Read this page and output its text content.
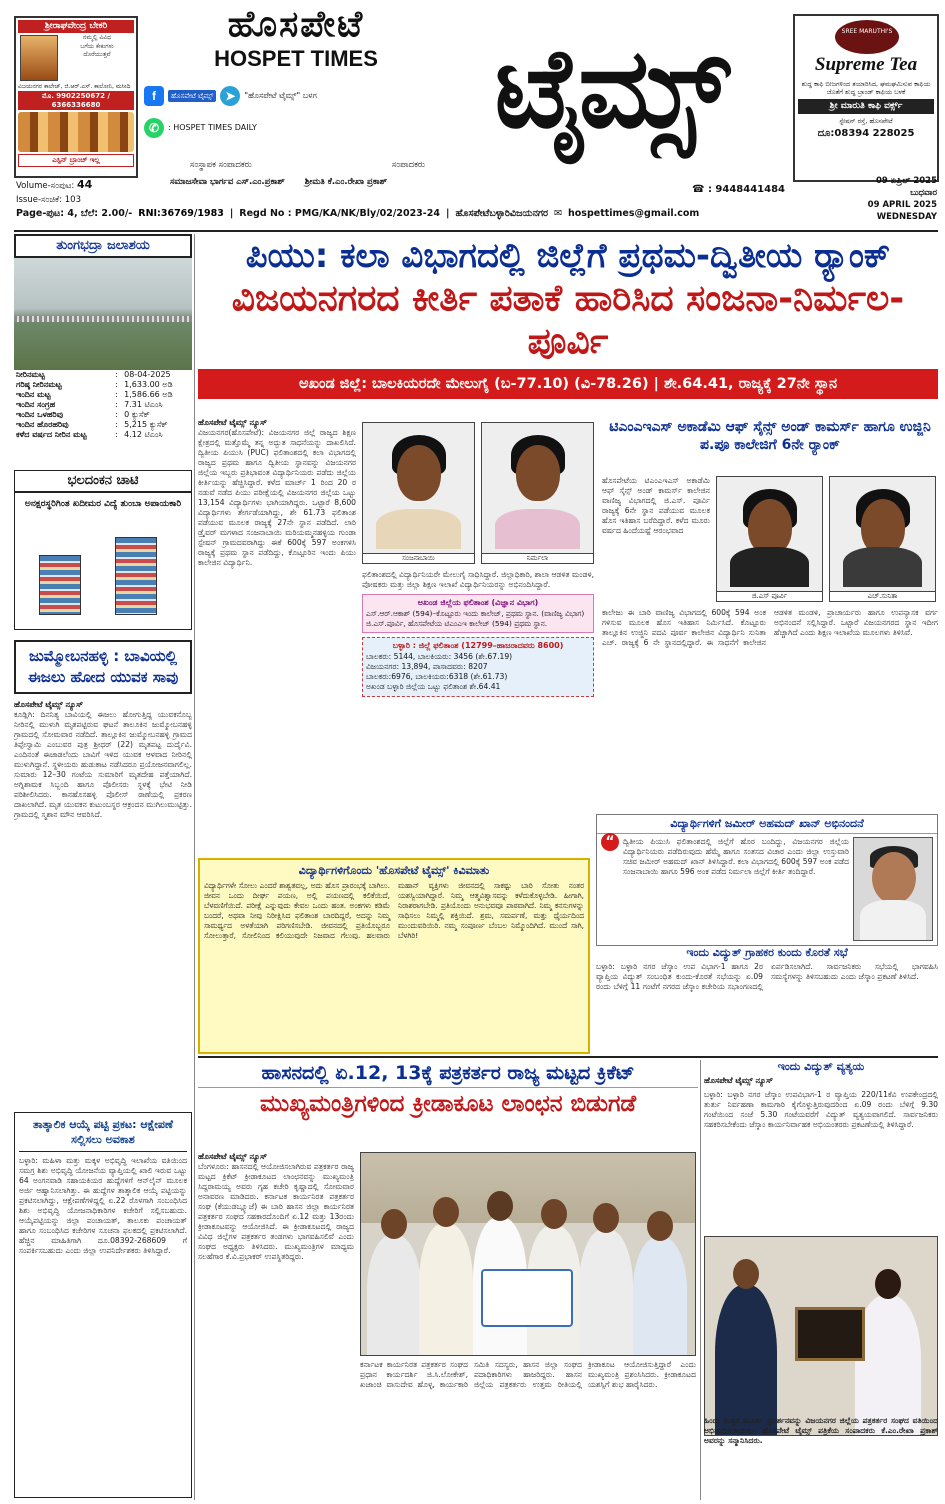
ಶ್ರೀರಾಘವೇಂದ್ರ ಬೇಕರಿ
ನಮ್ಮಲ್ಲಿ ವಿವಿಧ
ಬಗೆಯ ಕೇಕುಗಳು
ದೊರೆಯುತ್ತವೆ
ವಿಜಯನಗರ ಕಾಲೇಜ್, ಜಿ.ಆರ್.ಎಸ್. ಕಾಲೋನಿ, ಮಸೀದಿ
ಮೊ. 9902250672 / 6366336680
ಎಸ್ಪಿನ್ ಬ್ರಾಂಚ್ ಇಲ್ಲ
ಹೊಸಪೇಟೆ
HOSPET TIMES	ಟೈಮ್ಸ್
f	ಹೊಸಪೇಟೆ ಟೈಮ್ಸ್ ➤	"ಹೊಸಪೇಟೆ ಟೈಮ್ಸ್" ಬಳಗ
✆	: HOSPET TIMES DAILY
SREE MARUTHI'S
Supreme Tea
ಶುದ್ಧ ಕಾಫಿ ಬೀಜಗಳಿಂದ ತಯಾರಿಸಿದ, ಘಮಘಮಿಸುವ ಕಾಫಿಯ ಜೊತೆಗೆ ಶುದ್ಧ ಬ್ರಾಂಡ್ ಕಾಫಿಯ ಬಳಕೆ
ಶ್ರೀ ಮಾರುತಿ ಕಾಫಿ ವರ್ಕ್ಸ್
ಸ್ಟೇಷನ್ ರಸ್ತೆ, ಹೊಸಪೇಟೆ
ದೂ:08394 228025
ಸಂಸ್ಥಾಪಕ ಸಂಪಾದಕರು	ಸಂಪಾದಕರು
ಸಮಾಜಸೇವಾ ಭಾರ್ಗವ ಎಸ್.ಎಂ.ಪ್ರಕಾಶ್ ಶ್ರೀಮತಿ ಕೆ.ಎಂ.ರೇಖಾ ಪ್ರಕಾಶ್
Volume-ಸಂಪುಟ: 44
Issue-ಸಂಚಿಕೆ: 103
☎ : 9448441484
09 ಏಪ್ರಿಲ್ 2025
ಬುಧವಾರ
09 APRIL 2025
WEDNESDAY
Page-ಪುಟ: 4, ಬೆಲೆ: 2.00/- RNI:36769/1983 | Regd No : PMG/KA/NK/Bly/02/2023-24 | ಹೊಸಪೇಟೆಬಳ್ಳಾರಿವಿಜಯನಗರ ✉ hospettimes@gmail.com
ತುಂಗಭದ್ರಾ ಜಲಾಶಯ
ನೀರಿನಮಟ್ಟ	:	08-04-2025
ಗರಿಷ್ಠ ನೀರಿನಮಟ್ಟ	:	1,633.00 ಅಡಿ
ಇಂದಿನ ಮಟ್ಟ	:	1,586.66 ಅಡಿ
ಇಂದಿನ ಸಂಗ್ರಹ	:	7.31 ಟಿಎಂಸಿ
ಇಂದಿನ ಒಳಹರಿವು	:	0 ಕ್ಯುಸೆಕ್
ಇಂದಿನ ಹೊರಹರಿವು	:	5,215 ಕ್ಯುಸೆಕ್
ಕಳೆದ ವರ್ಷದ ನೀರಿನ ಮಟ್ಟ	:	4.12 ಟಿಎಂಸಿ
ಭಲದಂಕನ ಚಾಟಿ
ಅನಕ್ಷರಸ್ಥರಿಗಿಂತ ಖದೀಮರ ವಿದ್ಯೆ ತುಂಬಾ ಅಪಾಯಕಾರಿ
ಜುಮ್ಮೋಬನಹಳ್ಳಿ : ಬಾವಿಯಲ್ಲಿ ಈಜಲು ಹೋದ ಯುವಕ ಸಾವು
ಹೊಸಪೇಟೆ ಟೈಮ್ಸ್ ನ್ಯೂಸ್
ಕೂಡ್ಲಿಗಿ: ದಿನನಿತ್ಯ ಬಾವಿಯಲ್ಲಿ ಈಜಲು ಹೋಗುತ್ತಿದ್ದ ಯುವಕನೊಬ್ಬ ನೀರಿನಲ್ಲಿ ಮುಳುಗಿ ಮೃತಪಟ್ಟಿರುವ ಘಟನೆ ತಾಲೂಕಿನ ಜುಮ್ಮೋಬನಹಳ್ಳಿ ಗ್ರಾಮದಲ್ಲಿ ಸೋಮವಾರ ನಡೆದಿದೆ. ತಾಲ್ಲೂಕಿನ ಜುಮ್ಮೋಬನಹಳ್ಳಿ ಗ್ರಾಮದ ತಿಪ್ಪೇಸ್ವಾಮಿ ಎಂಬುವರ ಪುತ್ರ ಶ್ರೀಧರ್ (22) ಮೃತಪಟ್ಟ ದುರ್ದೈವಿ. ಎಂದಿನಂತೆ ಈಜಾಡಲೆಂದು ಬಾವಿಗೆ ಇಳಿದ ಯುವಕ ಆಳವಾದ ನೀರಿನಲ್ಲಿ ಮುಳುಗಿದ್ದಾನೆ. ಸ್ಥಳೀಯರು ಹುಡುಕಾಟ ನಡೆಸಿದರೂ ಪ್ರಯೋಜನವಾಗಲಿಲ್ಲ. ಸುಮಾರು 12–30 ಗಂಟೆಯ ಸುಮಾರಿಗೆ ಮೃತದೇಹ ಪತ್ತೆಯಾಗಿದೆ. ಅಗ್ನಿಶಾಮಕ ಸಿಬ್ಬಂದಿ ಹಾಗೂ ಪೊಲೀಸರು ಸ್ಥಳಕ್ಕೆ ಭೇಟಿ ನೀಡಿ ಪರಿಶೀಲಿಸಿದರು. ಕಾನಹೊಸಹಳ್ಳಿ ಪೊಲೀಸ್ ಠಾಣೆಯಲ್ಲಿ ಪ್ರಕರಣ ದಾಖಲಾಗಿದೆ. ಮೃತ ಯುವಕನ ಕುಟುಂಬಸ್ಥರ ಆಕ್ರಂದನ ಮುಗಿಲುಮುಟ್ಟಿತ್ತು. ಗ್ರಾಮದಲ್ಲಿ ಸ್ಮಶಾನ ಮೌನ ಆವರಿಸಿದೆ.
ತಾತ್ಕಾಲಿಕ ಆಯ್ಕೆ ಪಟ್ಟಿ ಪ್ರಕಟ: ಆಕ್ಷೇಪಣೆ ಸಲ್ಲಿಸಲು ಅವಕಾಶ
ಬಳ್ಳಾರಿ: ಮಹಿಳಾ ಮತ್ತು ಮಕ್ಕಳ ಅಭಿವೃದ್ಧಿ ಇಲಾಖೆಯ ವತಿಯಿಂದ ಸಮಗ್ರ ಶಿಶು ಅಭಿವೃದ್ಧಿ ಯೋಜನೆಯ ವ್ಯಾಪ್ತಿಯಲ್ಲಿ ಖಾಲಿ ಇರುವ ಒಟ್ಟು 64 ಅಂಗನವಾಡಿ ಸಹಾಯಕಿಯರ ಹುದ್ದೆಗಳಿಗೆ ಆನ್‌ಲೈನ್ ಮೂಲಕ ಅರ್ಜಿ ಆಹ್ವಾನಿಸಲಾಗಿತ್ತು. ಈ ಹುದ್ದೆಗಳ ತಾತ್ಕಾಲಿಕ ಆಯ್ಕೆ ಪಟ್ಟಿಯನ್ನು ಪ್ರಕಟಿಸಲಾಗಿದ್ದು, ಆಕ್ಷೇಪಣೆಗಳಿದ್ದಲ್ಲಿ ಏ.22 ರೊಳಗಾಗಿ ಸಂಬಂಧಿಸಿದ ಶಿಶು ಅಭಿವೃದ್ಧಿ ಯೋಜನಾಧಿಕಾರಿಗಳ ಕಚೇರಿಗೆ ಸಲ್ಲಿಸಬಹುದು. ಆಯ್ಕೆಪಟ್ಟಿಯನ್ನು ಜಿಲ್ಲಾ ಪಂಚಾಯತ್, ತಾಲೂಕು ಪಂಚಾಯತ್ ಹಾಗೂ ಸಂಬಂಧಿಸಿದ ಕಚೇರಿಗಳ ಸೂಚನಾ ಫಲಕದಲ್ಲಿ ಪ್ರಕಟಿಸಲಾಗಿದೆ. ಹೆಚ್ಚಿನ ಮಾಹಿತಿಗಾಗಿ ದೂ.08392-268609 ಗೆ ಸಂಪರ್ಕಿಸಬಹುದು ಎಂದು ಜಿಲ್ಲಾ ಉಪನಿರ್ದೇಶಕರು ತಿಳಿಸಿದ್ದಾರೆ.
ಪಿಯು: ಕಲಾ ವಿಭಾಗದಲ್ಲಿ ಜಿಲ್ಲೆಗೆ ಪ್ರಥಮ-ದ್ವಿತೀಯ ರ್‍ಯಾಂಕ್
ವಿಜಯನಗರದ ಕೀರ್ತಿ ಪತಾಕೆ ಹಾರಿಸಿದ ಸಂಜನಾ-ನಿರ್ಮಲ-ಪೂರ್ವಿ
ಅಖಂಡ ಜಿಲ್ಲೆ: ಬಾಲಕಿಯರದೇ ಮೇಲುಗೈ (ಬ-77.10) (ವಿ-78.26) | ಶೇ.64.41, ರಾಜ್ಯಕ್ಕೆ 27ನೇ ಸ್ಥಾನ
ಹೊಸಪೇಟೆ ಟೈಮ್ಸ್ ನ್ಯೂಸ್
ವಿಜಯನಗರ(ಹೊಸಪೇಟೆ): ವಿಜಯನಗರ ಜಿಲ್ಲೆ ರಾಜ್ಯದ ಶಿಕ್ಷಣ ಕ್ಷೇತ್ರದಲ್ಲಿ ಮತ್ತೊಮ್ಮೆ ತನ್ನ ಅದ್ಭುತ ಸಾಧನೆಯನ್ನು ದಾಖಲಿಸಿದೆ. ದ್ವಿತೀಯ ಪಿಯುಸಿ (PUC) ಫಲಿತಾಂಶದಲ್ಲಿ ಕಲಾ ವಿಭಾಗದಲ್ಲಿ ರಾಜ್ಯದ ಪ್ರಥಮ ಹಾಗೂ ದ್ವಿತೀಯ ಸ್ಥಾನವನ್ನು ವಿಜಯನಗರ ಜಿಲ್ಲೆಯ ಇಬ್ಬರು ಪ್ರತಿಭಾವಂತ ವಿದ್ಯಾರ್ಥಿನಿಯರು ಪಡೆದು ಜಿಲ್ಲೆಯ ಕೀರ್ತಿಯನ್ನು ಹೆಚ್ಚಿಸಿದ್ದಾರೆ. ಕಳೆದ ಮಾರ್ಚ್ 1 ರಿಂದ 20 ರ ನಡುವೆ ನಡೆದ ಪಿಯು ಪರೀಕ್ಷೆಯಲ್ಲಿ ವಿಜಯನಗರ ಜಿಲ್ಲೆಯ ಒಟ್ಟು 13,154 ವಿದ್ಯಾರ್ಥಿಗಳು ಭಾಗಿಯಾಗಿದ್ದರು. ಒಟ್ಟಾರೆ 8,600 ವಿದ್ಯಾರ್ಥಿಗಳು ತೇರ್ಗಡೆಯಾಗಿದ್ದು, ಶೇ 61.73 ಫಲಿತಾಂಶ ಪಡೆಯುವ ಮೂಲಕ ರಾಜ್ಯಕ್ಕೆ 27ನೇ ಸ್ಥಾನ ಪಡೆದಿದೆ. ಲಾರಿ ಡ್ರೈವರ್ ಮಗಳಾದ ಸಂಜನಾಬಾಯಿ ಮರಿಯಮ್ಮನಹಳ್ಳಿಯ ಗುಂಡಾ ಸ್ಟೇಷನ್ ಗ್ರಾಮದವರಾಗಿದ್ದು ಈಕೆ 600ಕ್ಕೆ 597 ಅಂಕಗಳಿಸಿ ರಾಜ್ಯಕ್ಕೆ ಪ್ರಥಮ ಸ್ಥಾನ ಪಡೆದಿದ್ದು, ಕೊಟ್ಟೂರಿನ ಇಂದು ಪಿಯು ಕಾಲೇಜಿನ ವಿದ್ಯಾರ್ಥಿನಿ.	ಸಂಜನಾಬಾಯಿ	ನಿರ್ಮಲಾ
ಫಲಿತಾಂಶದಲ್ಲಿ ವಿದ್ಯಾರ್ಥಿನಿಯರೇ ಮೇಲುಗೈ ಸಾಧಿಸಿದ್ದಾರೆ. ಜಿಲ್ಲಾಧಿಕಾರಿ, ಶಾಲಾ ಆಡಳಿತ ಮಂಡಳಿ, ಪೋಷಕರು ಮತ್ತು ಜಿಲ್ಲಾ ಶಿಕ್ಷಣ ಇಲಾಖೆ ವಿದ್ಯಾರ್ಥಿನಿಯರನ್ನು ಅಭಿನಂದಿಸಿದ್ದಾರೆ.
ಅಖಂಡ ಜಿಲ್ಲೆಯ ಫಲಿತಾಂಶ (ವಿಜ್ಞಾನ ವಿಭಾಗ)
ಎಸ್.ಆರ್.ಆಕಾಶ್ (594)–ಕೊಟ್ಟೂರು ಇಂದು ಕಾಲೇಜ್, ಪ್ರಥಮ ಸ್ಥಾನ. (ವಾಣಿಜ್ಯ ವಿಭಾಗ) ಜಿ.ಎಸ್.ಪೂರ್ವಿ, ಹೊಸಪೇಟೆಯ ಟಿಎಂಎಇ ಕಾಲೇಜ್ (594) ಪ್ರಥಮ ಸ್ಥಾನ.
ಬಳ್ಳಾರಿ : ಜಿಲ್ಲೆ ಫಲಿತಾಂಶ (12799–ಹಾಜರಾದವರು 8600)
ಬಾಲಕರು: 5144, ಬಾಲಕಿಯರು: 3456 (ಶೇ.67.19)
ವಿಜಯನಗರ: 13,894, ಪಾಸಾದವರು: 8207
ಬಾಲಕರು:6976, ಬಾಲಕಿಯರು:6318 (ಶೇ.61.73)
ಅಖಂಡ ಬಳ್ಳಾರಿ ಜಿಲ್ಲೆಯ ಒಟ್ಟು ಫಲಿತಾಂಶ ಶೇ.64.41
ಟಿಎಂಎಇಎಸ್ ಅಕಾಡೆಮಿ ಆಫ್ ಸೈನ್ಸ್ ಅಂಡ್ ಕಾಮರ್ಸ್ ಹಾಗೂ ಉಜ್ಜಿನಿ ಪ.ಪೂ ಕಾಲೇಜಿಗೆ 6ನೇ ರ್‍ಯಾಂಕ್
ಹೊಸಪೇಟೆಯ ಟಿಎಂಎಇಎಸ್ ಅಕಾಡೆಮಿ ಆಫ್ ಸೈನ್ಸ್ ಅಂಡ್ ಕಾಮರ್ಸ್ ಕಾಲೇಜಿನ ವಾಣಿಜ್ಯ ವಿಭಾಗದಲ್ಲಿ ಜಿ.ಎಸ್. ಪೂರ್ವಿ ರಾಜ್ಯಕ್ಕೆ 6ನೇ ಸ್ಥಾನ ಪಡೆಯುವ ಮೂಲಕ ಹೊಸ ಇತಿಹಾಸ ಬರೆದಿದ್ದಾರೆ. ಕಳೆದ ಮೂರು ವರ್ಷದ ಹಿಂದೆಯಷ್ಟೆ ಆರಂಭವಾದ
ಜಿ.ಎಸ್ ಪೂರ್ವಿ	ಎಚ್.ಸುನಿತಾ
ಕಾಲೇಜು ಈ ಬಾರಿ ವಾಣಿಜ್ಯ ವಿಭಾಗದಲ್ಲಿ 600ಕ್ಕೆ 594 ಅಂಕ ಗಳಿಸುವ ಮೂಲಕ ಹೊಸ ಇತಿಹಾಸ ನಿರ್ಮಿಸಿದೆ. ಕೊಟ್ಟೂರು ತಾಲ್ಲೂಕಿನ ಉಜ್ಜಿನಿ ಪದವಿ ಪೂರ್ವ ಕಾಲೇಜಿನ ವಿದ್ಯಾರ್ಥಿನಿ ಸುನಿತಾ ಎಚ್. ರಾಜ್ಯಕ್ಕೆ 6 ನೇ ಸ್ಥಾನದಲ್ಲಿದ್ದಾರೆ. ಈ ಸಾಧನೆಗೆ ಕಾಲೇಜಿನ ಆಡಳಿತ ಮಂಡಳಿ, ಪ್ರಾಚಾರ್ಯರು ಹಾಗೂ ಉಪನ್ಯಾಸಕ ವರ್ಗ ಅಭಿನಂದನೆ ಸಲ್ಲಿಸಿದ್ದಾರೆ. ಒಟ್ಟಾರೆ ವಿಜಯನಗರದ ಸ್ಥಾನ ಇದೀಗ ಹೆಚ್ಚಾಗಿದೆ ಎಂದು ಶಿಕ್ಷಣ ಇಲಾಖೆಯ ಮೂಲಗಳು ತಿಳಿಸಿವೆ.
ವಿದ್ಯಾರ್ಥಿಗಳಿಗೆ ಜಮೀರ್ ಅಹಮದ್ ಖಾನ್ ಅಭಿನಂದನೆ
“	ದ್ವಿತೀಯ ಪಿಯುಸಿ ಫಲಿತಾಂಶದಲ್ಲಿ ಜಿಲ್ಲೆಗೆ ಹೊರ ಬಂದಿದ್ದು, ವಿಜಯನಗರ ಜಿಲ್ಲೆಯ ವಿದ್ಯಾರ್ಥಿನಿಯರು ಪಡೆದಿರುವುದು ಹೆಮ್ಮೆ ಹಾಗೂ ಸಂತಸದ ವಿಚಾರ ಎಂದು ಜಿಲ್ಲಾ ಉಸ್ತುವಾರಿ ಸಚಿವ ಜಮೀರ್ ಅಹಮದ್ ಖಾನ್ ತಿಳಿಸಿದ್ದಾರೆ. ಕಲಾ ವಿಭಾಗದಲ್ಲಿ 600ಕ್ಕೆ 597 ಅಂಕ ಪಡೆದ ಸಂಜನಾಬಾಯಿ ಹಾಗೂ 596 ಅಂಕ ಪಡೆದ ನಿರ್ಮಲಾ ಜಿಲ್ಲೆಗೆ ಕೀರ್ತಿ ತಂದಿದ್ದಾರೆ.
ಇಂದು ವಿದ್ಯುತ್ ಗ್ರಾಹಕರ ಕುಂದು ಕೊರತೆ ಸಭೆ
ಬಳ್ಳಾರಿ: ಬಳ್ಳಾರಿ ನಗರ ಜೆಸ್ಕಾಂ ಉಪ ವಿಭಾಗ-1 ಹಾಗೂ 2ರ ವ್ಯಾಪ್ತಿಯ ವಿದ್ಯುತ್ ಸಂಬಂಧಿತ ಕುಂದು-ಕೊರತೆ ಸಭೆಯನ್ನು ಏ.09 ರಂದು ಬೆಳಿಗ್ಗೆ 11 ಗಂಟೆಗೆ ನಗರದ ಜೆಸ್ಕಾಂ ಕಚೇರಿಯ ಸಭಾಂಗಣದಲ್ಲಿ ಏರ್ಪಡಿಸಲಾಗಿದೆ. ಸಾರ್ವಜನಿಕರು ಸಭೆಯಲ್ಲಿ ಭಾಗವಹಿಸಿ ಸಮಸ್ಯೆಗಳನ್ನು ತಿಳಿಸಬಹುದು ಎಂದು ಜೆಸ್ಕಾಂ ಪ್ರಕಟಣೆ ತಿಳಿಸಿದೆ.
ವಿದ್ಯಾರ್ಥಿಗಳಿಗೊಂದು 'ಹೊಸಪೇಟೆ ಟೈಮ್ಸ್' ಕಿವಿಮಾತು
ವಿದ್ಯಾರ್ಥಿಗಳೇ ಸೋಲು ಎಂದರೆ ಶಾಶ್ವತವಲ್ಲ, ಅದು ಹೊಸ ಪ್ರಾರಂಭಕ್ಕೆ ಬಾಗಿಲು. ಜೀವನ ಒಂದು ದೀರ್ಘ ಪಯಣ, ಅಲ್ಲಿ ಪಯಣದಲ್ಲಿ ಕಲಿಕೆಯಿದೆ, ಬೆಳವಣಿಗೆಯಿದೆ. ಪರೀಕ್ಷೆ ಎನ್ನುವುದು ಕೇವಲ ಒಂದು ಹಂತ. ಅಂಕಗಳು ಕಡಿಮೆ ಬಂದರೆ, ಅಥವಾ ನೀವು ನಿರೀಕ್ಷಿಸಿದ ಫಲಿತಾಂಶ ಬಾರದಿದ್ದರೆ, ಅದನ್ನು ನಿಮ್ಮ ಸಾಮರ್ಥ್ಯದ ಅಳತೆಯಾಗಿ ಪರಿಗಣಿಸಬೇಡಿ. ಜೀವನದಲ್ಲಿ ಪ್ರತಿಯೊಬ್ಬರೂ ಸೋಲುತ್ತಾರೆ, ಸೋಲಿನಿಂದ ಕಲಿಯುವುದೇ ನಿಜವಾದ ಗೆಲುವು. ಹಲವಾರು ಮಹಾನ್ ವ್ಯಕ್ತಿಗಳು ಜೀವನದಲ್ಲಿ ಸಾಕಷ್ಟು ಬಾರಿ ಸೋತು ನಂತರ ಯಶಸ್ವಿಯಾಗಿದ್ದಾರೆ. ನಿಮ್ಮ ಆತ್ಮವಿಶ್ವಾಸವನ್ನು ಕಳೆದುಕೊಳ್ಳಬೇಡಿ. ಹೀಗಾಗಿ, ನಿರಾಶರಾಗಬೇಡಿ. ಪ್ರತಿಯೊಂದು ಅನುಭವವೂ ಪಾಠವಾಗಿದೆ. ನಿಮ್ಮ ಕನಸುಗಳನ್ನು ಸಾಧಿಸಲು ನಿಮ್ಮಲ್ಲಿ ಶಕ್ತಿಯಿದೆ. ಶ್ರಮ, ಸಮರ್ಪಣೆ, ಮತ್ತು ಧೈರ್ಯದಿಂದ ಮುಂದುವರಿಯಿರಿ. ನಮ್ಮ ಸಂಪೂರ್ಣ ಬೆಂಬಲ ನಿಮ್ಮೊಂದಿಗಿದೆ. ಮುಂದೆ ಸಾಗಿ, ಬೆಳಗಿರಿ!
ಹಾಸನದಲ್ಲಿ ಏ.12, 13ಕ್ಕೆ ಪತ್ರಕರ್ತರ ರಾಜ್ಯ ಮಟ್ಟದ ಕ್ರಿಕೆಟ್
ಮುಖ್ಯಮಂತ್ರಿಗಳಿಂದ ಕ್ರೀಡಾಕೂಟ ಲಾಂಛನ ಬಿಡುಗಡೆ
ಹೊಸಪೇಟೆ ಟೈಮ್ಸ್ ನ್ಯೂಸ್
ಬೆಂಗಳೂರು: ಹಾಸನದಲ್ಲಿ ಆಯೋಜಿಸಲಾಗಿರುವ ಪತ್ರಕರ್ತರ ರಾಜ್ಯ ಮಟ್ಟದ ಕ್ರಿಕೆಟ್ ಕ್ರೀಡಾಕೂಟದ ಲಾಂಛನವನ್ನು ಮುಖ್ಯಮಂತ್ರಿ ಸಿದ್ದರಾಮಯ್ಯ ಅವರು ಗೃಹ ಕಚೇರಿ ಕೃಷ್ಣಾದಲ್ಲಿ ಸೋಮವಾರ ಅನಾವರಣ ಮಾಡಿದರು. ಕರ್ನಾಟಕ ಕಾರ್ಯನಿರತ ಪತ್ರಕರ್ತರ ಸಂಘ (ಕೆಯುಡಬ್ಲ್ಯೂಜೆ) ಈ ಬಾರಿ ಹಾಸನ ಜಿಲ್ಲಾ ಕಾರ್ಯನಿರತ ಪತ್ರಕರ್ತರ ಸಂಘದ ಸಹಕಾರದೊಂದಿಗೆ ಏ.12 ಮತ್ತು 13ರಂದು ಕ್ರೀಡಾಕೂಟವನ್ನು ಆಯೋಜಿಸಿದೆ. ಈ ಕ್ರೀಡಾಕೂಟದಲ್ಲಿ ರಾಜ್ಯದ ವಿವಿಧ ಜಿಲ್ಲೆಗಳ ಪತ್ರಕರ್ತರ ತಂಡಗಳು ಭಾಗವಹಿಸಲಿವೆ ಎಂದು ಸಂಘದ ಅಧ್ಯಕ್ಷರು ತಿಳಿಸಿದರು. ಮುಖ್ಯಮಂತ್ರಿಗಳ ಮಾಧ್ಯಮ ಸಲಹೆಗಾರ ಕೆ.ವಿ.ಪ್ರಭಾಕರ್ ಉಪಸ್ಥಿತರಿದ್ದರು.
ಕರ್ನಾಟಕ ಕಾರ್ಯನಿರತ ಪತ್ರಕರ್ತರ ಸಂಘದ ಪ್ರಧಾನ ಕಾರ್ಯದರ್ಶಿ ಜಿ.ಸಿ.ಲೋಕೇಶ್, ಖಜಾಂಚಿ ವಾಸುದೇವ ಹೊಳ್ಳ, ಕಾರ್ಯಕಾರಿ ಸಮಿತಿ ಸದಸ್ಯರು, ಹಾಸನ ಜಿಲ್ಲಾ ಸಂಘದ ಪದಾಧಿಕಾರಿಗಳು ಹಾಜರಿದ್ದರು. ಹಾಸನ ಜಿಲ್ಲೆಯ ಪತ್ರಕರ್ತರು ಉತ್ತಮ ರೀತಿಯಲ್ಲಿ ಕ್ರೀಡಾಕೂಟ ಆಯೋಜಿಸುತ್ತಿದ್ದಾರೆ ಎಂದು ಮುಖ್ಯಮಂತ್ರಿ ಪ್ರಶಂಸಿಸಿದರು. ಕ್ರೀಡಾಕೂಟದ ಯಶಸ್ಸಿಗೆ ಶುಭ ಹಾರೈಸಿದರು.
ಇಂದು ವಿದ್ಯುತ್ ವ್ಯತ್ಯಯ
ಹೊಸಪೇಟೆ ಟೈಮ್ಸ್ ನ್ಯೂಸ್
ಬಳ್ಳಾರಿ: ಬಳ್ಳಾರಿ ನಗರ ಜೆಸ್ಕಾಂ ಉಪವಿಭಾಗ-1 ರ ವ್ಯಾಪ್ತಿಯ 220/11ಕೆವಿ ಉಪಕೇಂದ್ರದಲ್ಲಿ ತುರ್ತು ನಿರ್ವಹಣಾ ಕಾಮಗಾರಿ ಕೈಗೊಳ್ಳುತ್ತಿರುವುದರಿಂದ ಏ.09 ರಂದು ಬೆಳಿಗ್ಗೆ 9.30 ಗಂಟೆಯಿಂದ ಸಂಜೆ 5.30 ಗಂಟೆಯವರೆಗೆ ವಿದ್ಯುತ್ ವ್ಯತ್ಯಯವಾಗಲಿದೆ. ಸಾರ್ವಜನಿಕರು ಸಹಕರಿಸಬೇಕೆಂದು ಜೆಸ್ಕಾಂ ಕಾರ್ಯನಿರ್ವಾಹಕ ಅಭಿಯಂತರರು ಪ್ರಕಟಣೆಯಲ್ಲಿ ತಿಳಿಸಿದ್ದಾರೆ.
ಹಿಂದು ಉತ್ತರ ಮೂರ್ತಿ ಪ್ರದರ್ಶನವನ್ನು ವಿಜಯನಗರ ಜಿಲ್ಲೆಯ ಪತ್ರಕರ್ತರ ಸಂಘದ ವತಿಯಿಂದ ಅಭಿನಂದಿಸಲಾಯಿತು. ಹೊಸಪೇಟೆ ಟೈಮ್ಸ್ ಪತ್ರಿಕೆಯ ಸಂಪಾದಕರು ಕೆ.ಎಂ.ರೇಖಾ ಪ್ರಕಾಶ್ ಅವರನ್ನು ಸನ್ಮಾನಿಸಿದರು.
